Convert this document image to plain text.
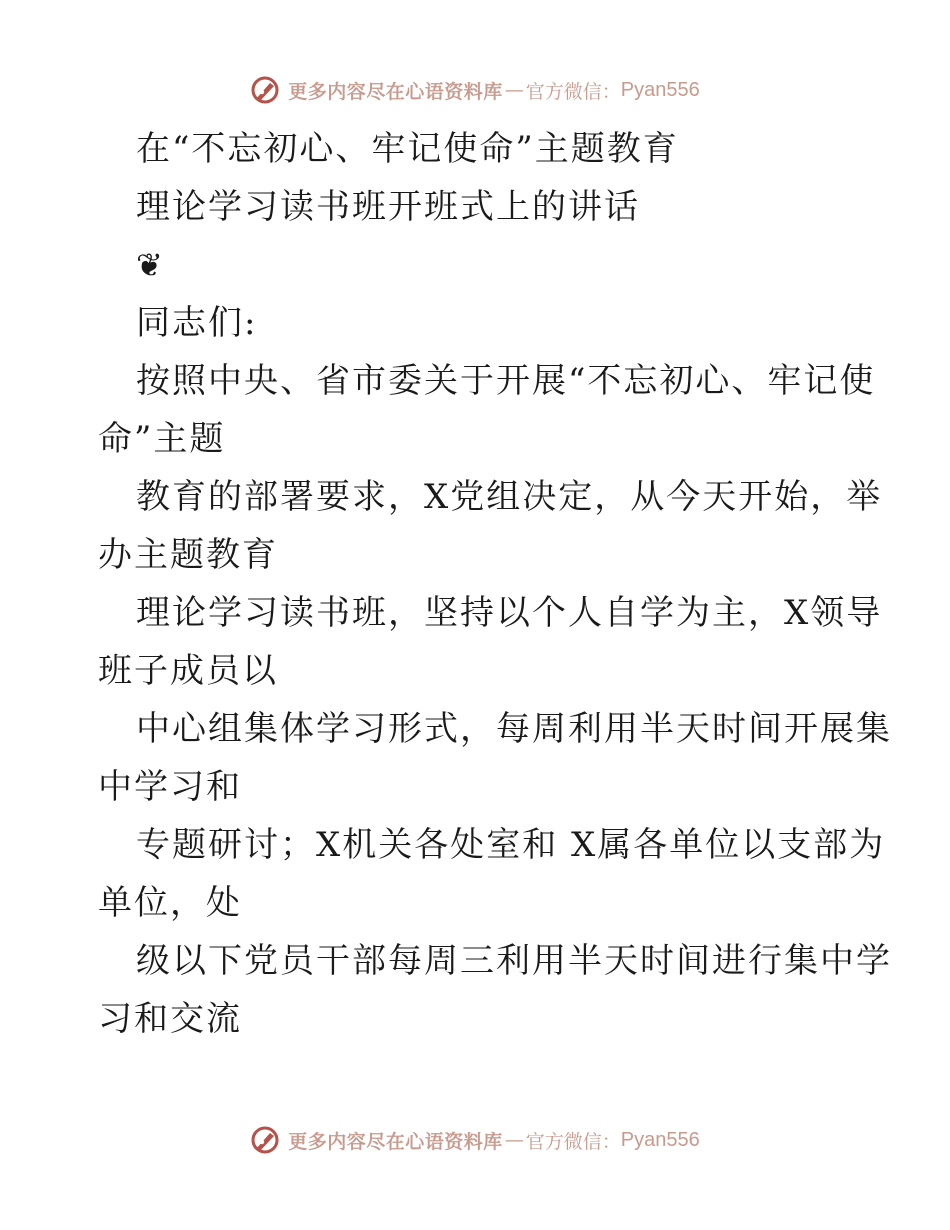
更多内容尽在心语资料库 — 官方微信： Pyan556
在“不忘初心、牢记使命”主题教育
理论学习读书班开班式上的讲话
❦
同志们:
按照中央、省市委关于开展“不忘初心、牢记使
命”主题
教育的部署要求，X党组决定，从今天开始，举
办主题教育
理论学习读书班，坚持以个人自学为主，X领导
班子成员以
中心组集体学习形式，每周利用半天时间开展集
中学习和
专题研讨；X机关各处室和 X属各单位以支部为
单位，处
级以下党员干部每周三利用半天时间进行集中学
习和交流
更多内容尽在心语资料库 — 官方微信： Pyan556
